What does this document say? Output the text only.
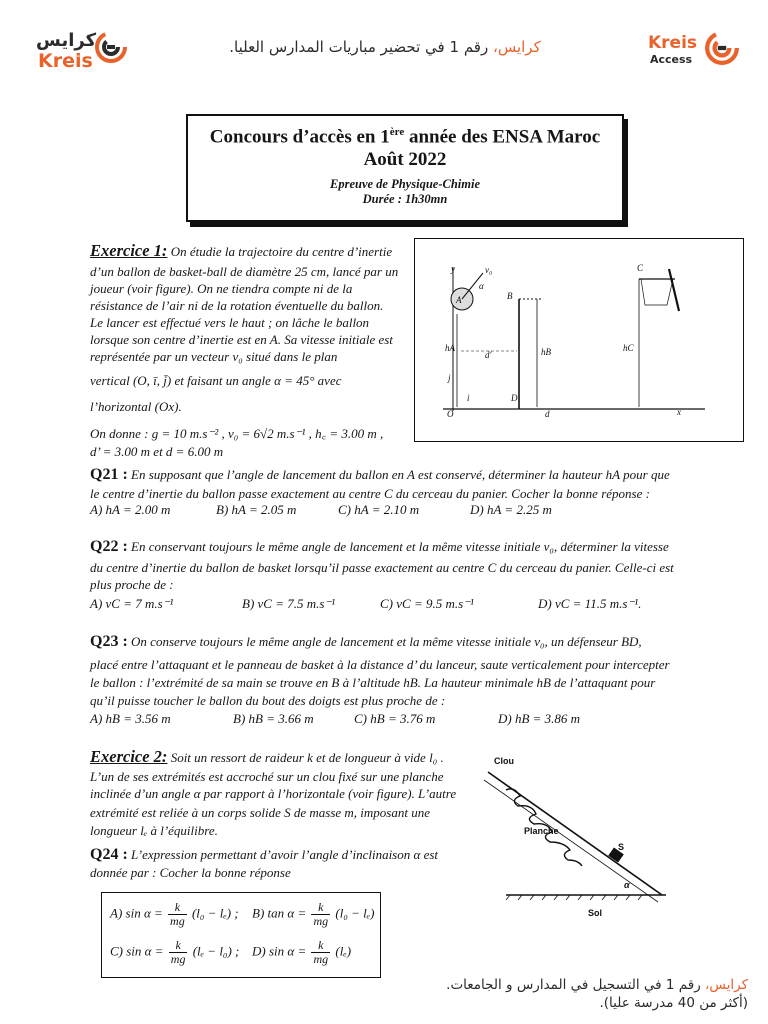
كرايس
Kreis
كرايس، رقم 1 في تحضير مباريات المدارس العليا.	Kreis
Access
Concours d’accès en 1ère année des ENSA Maroc
Août 2022
Epreuve de Physique-Chimie
Durée : 1h30mn
Exercice 1: On étudie la trajectoire du centre d’inertie
d’un ballon de basket-ball de diamètre 25 cm, lancé par un
joueur (voir figure). On ne tiendra compte ni de la
résistance de l’air ni de la rotation éventuelle du ballon.
Le lancer est effectué vers le haut ; on lâche le ballon
lorsque son centre d’inertie est en A. Sa vitesse initiale est
représentée par un vecteur v₀ situé dans le plan
vertical (O, ī, j̄) et faisant un angle α = 45° avec
l’horizontal (Ox).
On donne : g = 10 m.s⁻² , v₀ = 6√2 m.s⁻¹ , h꜀ = 3.00 m ,
d’ = 3.00 m et d = 6.00 m
y
x
O
v₀
α
A
hA
j
i
B
D
hB
d'
d
C
hC
Q21 : En supposant que l’angle de lancement du ballon en A est conservé, déterminer la hauteur hA pour que
le centre d’inertie du ballon passe exactement au centre C du cerceau du panier. Cocher la bonne réponse :
A) hA = 2.00 m	B) hA = 2.05 m	C) hA = 2.10 m	D) hA = 2.25 m
Q22 : En conservant toujours le même angle de lancement et la même vitesse initiale v₀, déterminer la vitesse
du centre d’inertie du ballon de basket lorsqu’il passe exactement au centre C du cerceau du panier. Celle-ci est
plus proche de :
A) vC = 7 m.s⁻¹	B) vC = 7.5 m.s⁻¹	C) vC = 9.5 m.s⁻¹	D) vC = 11.5 m.s⁻¹.
Q23 : On conserve toujours le même angle de lancement et la même vitesse initiale v₀, un défenseur BD,
placé entre l’attaquant et le panneau de basket à la distance d’ du lanceur, saute verticalement pour intercepter
le ballon : l’extrémité de sa main se trouve en B à l’altitude hB. La hauteur minimale hB de l’attaquant pour
qu’il puisse toucher le ballon du bout des doigts est plus proche de :
A) hB = 3.56 m	B) hB = 3.66 m	C) hB = 3.76 m	D) hB = 3.86 m
Exercice 2: Soit un ressort de raideur k et de longueur à vide l₀ .
L’un de ses extrémités est accroché sur un clou fixé sur une planche
inclinée d’un angle α par rapport à l’horizontale (voir figure). L’autre
extrémité est reliée à un corps solide S de masse m, imposant une
longueur lₑ à l’équilibre.
Clou
Planche
S
α
Sol
Q24 : L’expression permettant d’avoir l’angle d’inclinaison α est
donnée par : Cocher la bonne réponse
A) $\sin \alpha = \frac{k}{mg} (l_0 - l_e)$ ; B) $\tan \alpha = \frac{k}{mg} (l_0 - l_e)$
C) $\sin \alpha = \frac{k}{mg} (l_e - l_0)$ ; D) $\sin \alpha = \frac{k}{mg} (l_e)$
كرايس، رقم 1 في التسجيل في المدارس و الجامعات.
(أكثر من 40 مدرسة عليا).
